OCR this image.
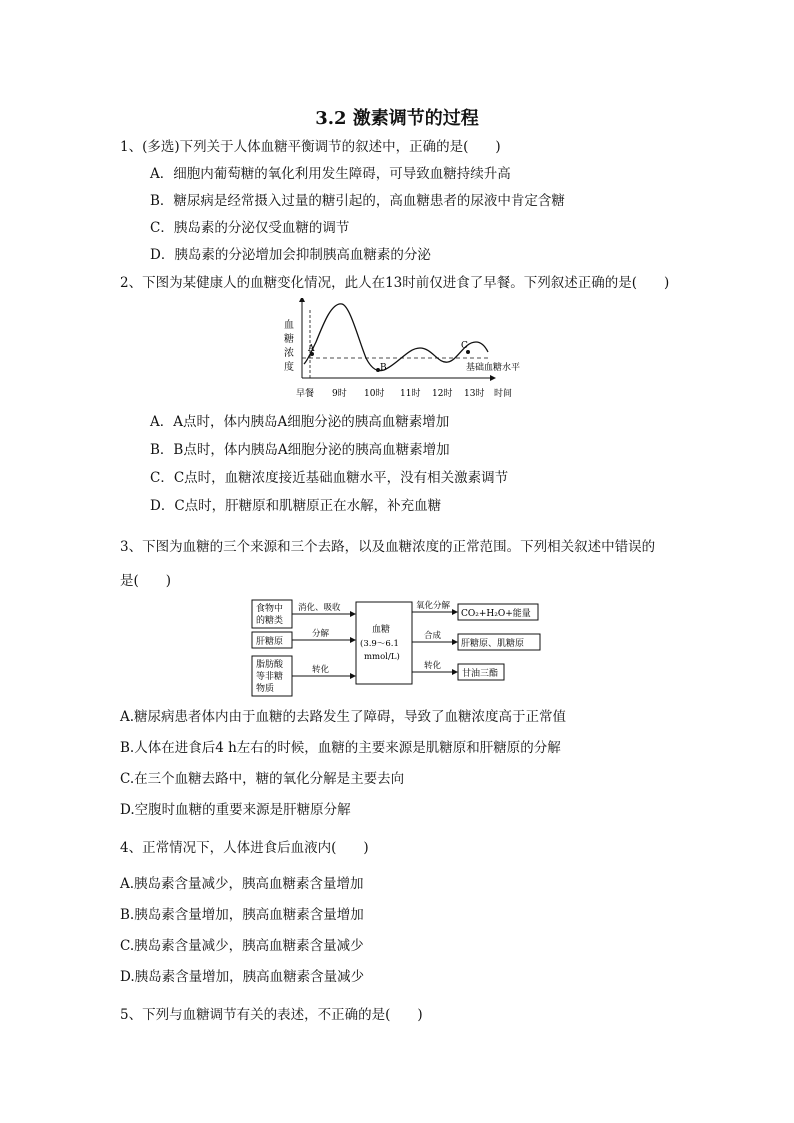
3.2 激素调节的过程
1、(多选)下列关于人体血糖平衡调节的叙述中，正确的是(　　)
A．细胞内葡萄糖的氧化利用发生障碍，可导致血糖持续升高
B．糖尿病是经常摄入过量的糖引起的，高血糖患者的尿液中肯定含糖
C．胰岛素的分泌仅受血糖的调节
D．胰岛素的分泌增加会抑制胰高血糖素的分泌
2、下图为某健康人的血糖变化情况，此人在13时前仅进食了早餐。下列叙述正确的是(　　)
血
糖
浓
度
A
B
C
基础血糖水平
早餐 9时 10时 11时 12时 13时 时间
A．A点时，体内胰岛A细胞分泌的胰高血糖素增加
B．B点时，体内胰岛A细胞分泌的胰高血糖素增加
C．C点时，血糖浓度接近基础血糖水平，没有相关激素调节
D．C点时，肝糖原和肌糖原正在水解，补充血糖
3、下图为血糖的三个来源和三个去路，以及血糖浓度的正常范围。下列相关叙述中错误的
是(　　)
食物中
的糖类
肝糖原
脂肪酸
等非糖
物质
消化、吸收
分解
转化
血糖
(3.9～6.1
mmol/L)
氧化分解
合成
转化
CO₂+H₂O+能量
肝糖原、肌糖原
甘油三酯
A.糖尿病患者体内由于血糖的去路发生了障碍，导致了血糖浓度高于正常值
B.人体在进食后4 h左右的时候，血糖的主要来源是肌糖原和肝糖原的分解
C.在三个血糖去路中，糖的氧化分解是主要去向
D.空腹时血糖的重要来源是肝糖原分解
4、正常情况下，人体进食后血液内(　　)
A.胰岛素含量减少，胰高血糖素含量增加
B.胰岛素含量增加，胰高血糖素含量增加
C.胰岛素含量减少，胰高血糖素含量减少
D.胰岛素含量增加，胰高血糖素含量减少
5、下列与血糖调节有关的表述，不正确的是(　　)
